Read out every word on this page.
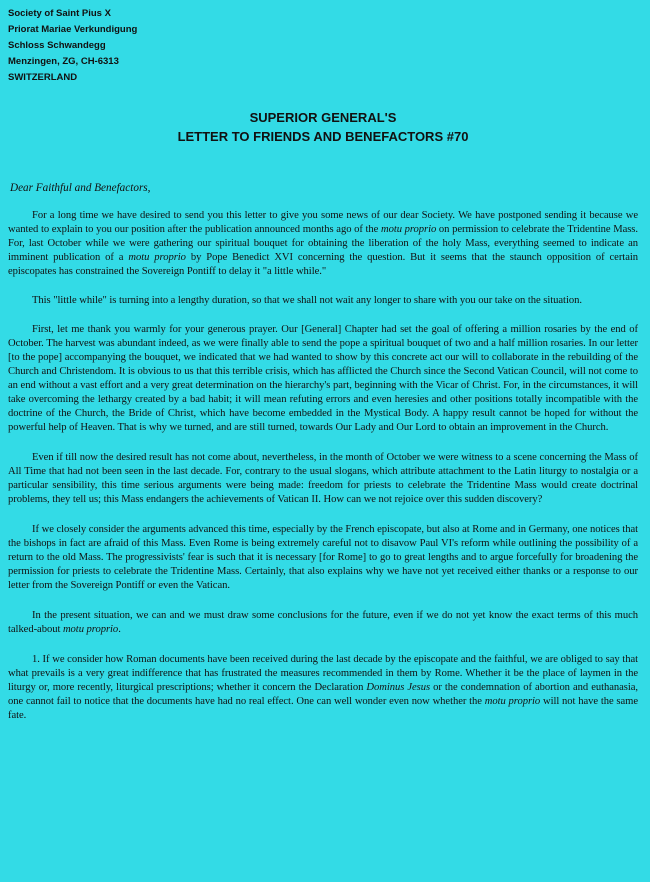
Society of Saint Pius X
Priorat Mariae Verkundigung
Schloss Schwandegg
Menzingen, ZG, CH-6313
SWITZERLAND
SUPERIOR GENERAL'S
LETTER TO FRIENDS AND BENEFACTORS #70
Dear Faithful and Benefactors,

For a long time we have desired to send you this letter to give you some news of our dear Society. We have postponed sending it because we wanted to explain to you our position after the publication announced months ago of the motu proprio on permission to celebrate the Tridentine Mass. For, last October while we were gathering our spiritual bouquet for obtaining the liberation of the holy Mass, everything seemed to indicate an imminent publication of a motu proprio by Pope Benedict XVI concerning the question. But it seems that the staunch opposition of certain episcopates has constrained the Sovereign Pontiff to delay it "a little while."

This "little while" is turning into a lengthy duration, so that we shall not wait any longer to share with you our take on the situation.

First, let me thank you warmly for your generous prayer. Our [General] Chapter had set the goal of offering a million rosaries by the end of October. The harvest was abundant indeed, as we were finally able to send the pope a spiritual bouquet of two and a half million rosaries. In our letter [to the pope] accompanying the bouquet, we indicated that we had wanted to show by this concrete act our will to collaborate in the rebuilding of the Church and Christendom. It is obvious to us that this terrible crisis, which has afflicted the Church since the Second Vatican Council, will not come to an end without a vast effort and a very great determination on the hierarchy's part, beginning with the Vicar of Christ. For, in the circumstances, it will take overcoming the lethargy created by a bad habit; it will mean refuting errors and even heresies and other positions totally incompatible with the doctrine of the Church, the Bride of Christ, which have become embedded in the Mystical Body. A happy result cannot be hoped for without the powerful help of Heaven. That is why we turned, and are still turned, towards Our Lady and Our Lord to obtain an improvement in the Church.

Even if till now the desired result has not come about, nevertheless, in the month of October we were witness to a scene concerning the Mass of All Time that had not been seen in the last decade. For, contrary to the usual slogans, which attribute attachment to the Latin liturgy to nostalgia or a particular sensibility, this time serious arguments were being made: freedom for priests to celebrate the Tridentine Mass would create doctrinal problems, they tell us; this Mass endangers the achievements of Vatican II. How can we not rejoice over this sudden discovery?

If we closely consider the arguments advanced this time, especially by the French episcopate, but also at Rome and in Germany, one notices that the bishops in fact are afraid of this Mass. Even Rome is being extremely careful not to disavow Paul VI's reform while outlining the possibility of a return to the old Mass. The progressivists' fear is such that it is necessary [for Rome] to go to great lengths and to argue forcefully for broadening the permission for priests to celebrate the Tridentine Mass. Certainly, that also explains why we have not yet received either thanks or a response to our letter from the Sovereign Pontiff or even the Vatican.

In the present situation, we can and we must draw some conclusions for the future, even if we do not yet know the exact terms of this much talked-about motu proprio.

1. If we consider how Roman documents have been received during the last decade by the episcopate and the faithful, we are obliged to say that what prevails is a very great indifference that has frustrated the measures recommended in them by Rome. Whether it be the place of laymen in the liturgy or, more recently, liturgical prescriptions; whether it concern the Declaration Dominus Jesus or the condemnation of abortion and euthanasia, one cannot fail to notice that the documents have had no real effect. One can well wonder even now whether the motu proprio will not have the same fate.
